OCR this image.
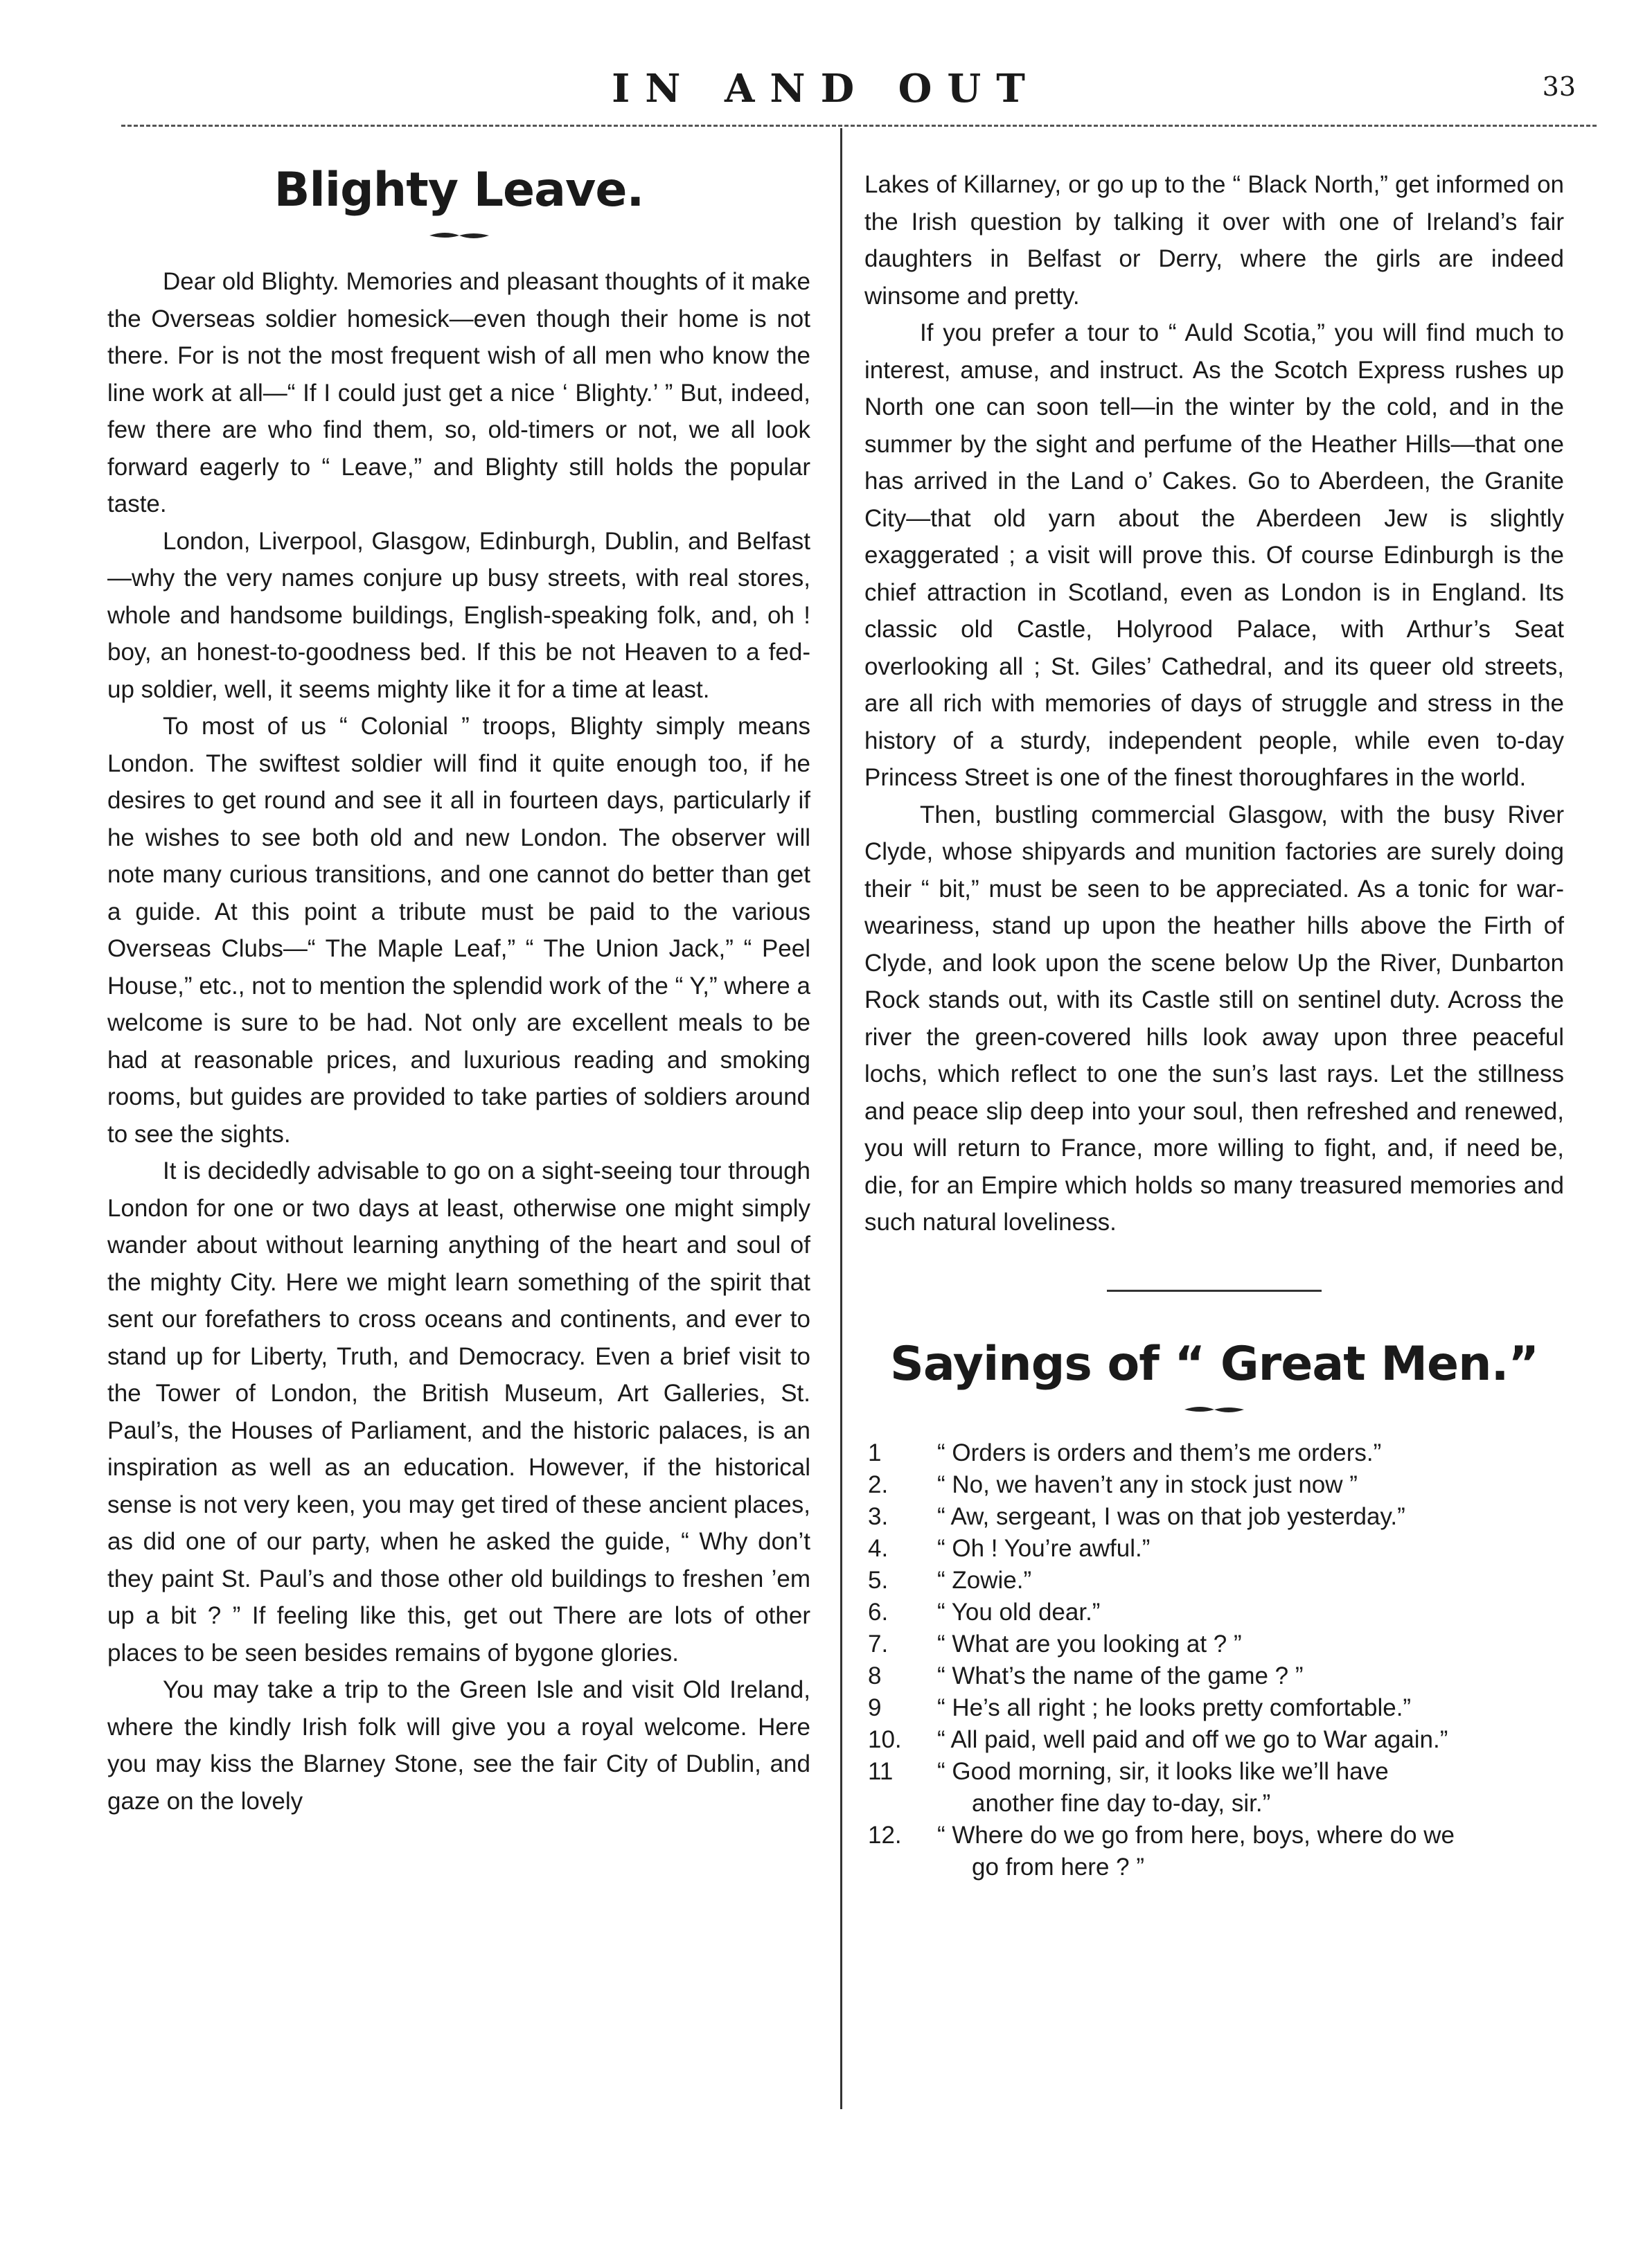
IN AND OUT	33
Blighty Leave.

Dear old Blighty. Memories and pleasant thoughts of it make the Overseas soldier homesick—even though their home is not there. For is not the most frequent wish of all men who know the line work at all—“ If I could just get a nice ‘ Blighty.’ ” But, indeed, few there are who find them, so, old-timers or not, we all look forward eagerly to “ Leave,” and Blighty still holds the popular taste.

London, Liverpool, Glasgow, Edinburgh, Dublin, and Belfast—why the very names conjure up busy streets, with real stores, whole and handsome buildings, English-speaking folk, and, oh ! boy, an honest-to-goodness bed. If this be not Heaven to a fed-up soldier, well, it seems mighty like it for a time at least.

To most of us “ Colonial ” troops, Blighty simply means London. The swiftest soldier will find it quite enough too, if he desires to get round and see it all in fourteen days, particularly if he wishes to see both old and new London. The observer will note many curious transitions, and one cannot do better than get a guide. At this point a tribute must be paid to the various Overseas Clubs—“ The Maple Leaf,” “ The Union Jack,” “ Peel House,” etc., not to mention the splendid work of the “ Y,” where a welcome is sure to be had. Not only are excellent meals to be had at reasonable prices, and luxurious reading and smoking rooms, but guides are provided to take parties of soldiers around to see the sights.

It is decidedly advisable to go on a sight-seeing tour through London for one or two days at least, otherwise one might simply wander about without learning anything of the heart and soul of the mighty City. Here we might learn something of the spirit that sent our forefathers to cross oceans and continents, and ever to stand up for Liberty, Truth, and Democracy. Even a brief visit to the Tower of London, the British Museum, Art Galleries, St. Paul’s, the Houses of Parliament, and the historic palaces, is an inspiration as well as an education. However, if the historical sense is not very keen, you may get tired of these ancient places, as did one of our party, when he asked the guide, “ Why don’t they paint St. Paul’s and those other old buildings to freshen ’em up a bit ? ” If feeling like this, get out There are lots of other places to be seen besides remains of bygone glories.

You may take a trip to the Green Isle and visit Old Ireland, where the kindly Irish folk will give you a royal welcome. Here you may kiss the Blarney Stone, see the fair City of Dublin, and gaze on the lovely

Lakes of Killarney, or go up to the “ Black North,” get informed on the Irish question by talking it over with one of Ireland’s fair daughters in Belfast or Derry, where the girls are indeed winsome and pretty.

If you prefer a tour to “ Auld Scotia,” you will find much to interest, amuse, and instruct. As the Scotch Express rushes up North one can soon tell—in the winter by the cold, and in the summer by the sight and perfume of the Heather Hills—that one has arrived in the Land o’ Cakes. Go to Aberdeen, the Granite City—that old yarn about the Aberdeen Jew is slightly exaggerated ; a visit will prove this. Of course Edinburgh is the chief attraction in Scotland, even as London is in England. Its classic old Castle, Holyrood Palace, with Arthur’s Seat overlooking all ; St. Giles’ Cathedral, and its queer old streets, are all rich with memories of days of struggle and stress in the history of a sturdy, independent people, while even to-day Princess Street is one of the finest thoroughfares in the world.

Then, bustling commercial Glasgow, with the busy River Clyde, whose shipyards and munition factories are surely doing their “ bit,” must be seen to be appreciated. As a tonic for war-weariness, stand up upon the heather hills above the Firth of Clyde, and look upon the scene below Up the River, Dunbarton Rock stands out, with its Castle still on sentinel duty. Across the river the green-covered hills look away upon three peaceful lochs, which reflect to one the sun’s last rays. Let the stillness and peace slip deep into your soul, then refreshed and renewed, you will return to France, more willing to fight, and, if need be, die, for an Empire which holds so many treasured memories and such natural loveliness.

Sayings of “ Great Men.”
1	“ Orders is orders and them’s me orders.”
2.	“ No, we haven’t any in stock just now ”
3.	“ Aw, sergeant, I was on that job yesterday.”
4.	“ Oh ! You’re awful.”
5.	“ Zowie.”
6.	“ You old dear.”
7.	“ What are you looking at ? ”
8	“ What’s the name of the game ? ”
9	“ He’s all right ; he looks pretty comfortable.”
10.	“ All paid, well paid and off we go to War again.”
11	“ Good morning, sir, it looks like we’ll have
another fine day to-day, sir.”
12.	“ Where do we go from here, boys, where do we
go from here ? ”
